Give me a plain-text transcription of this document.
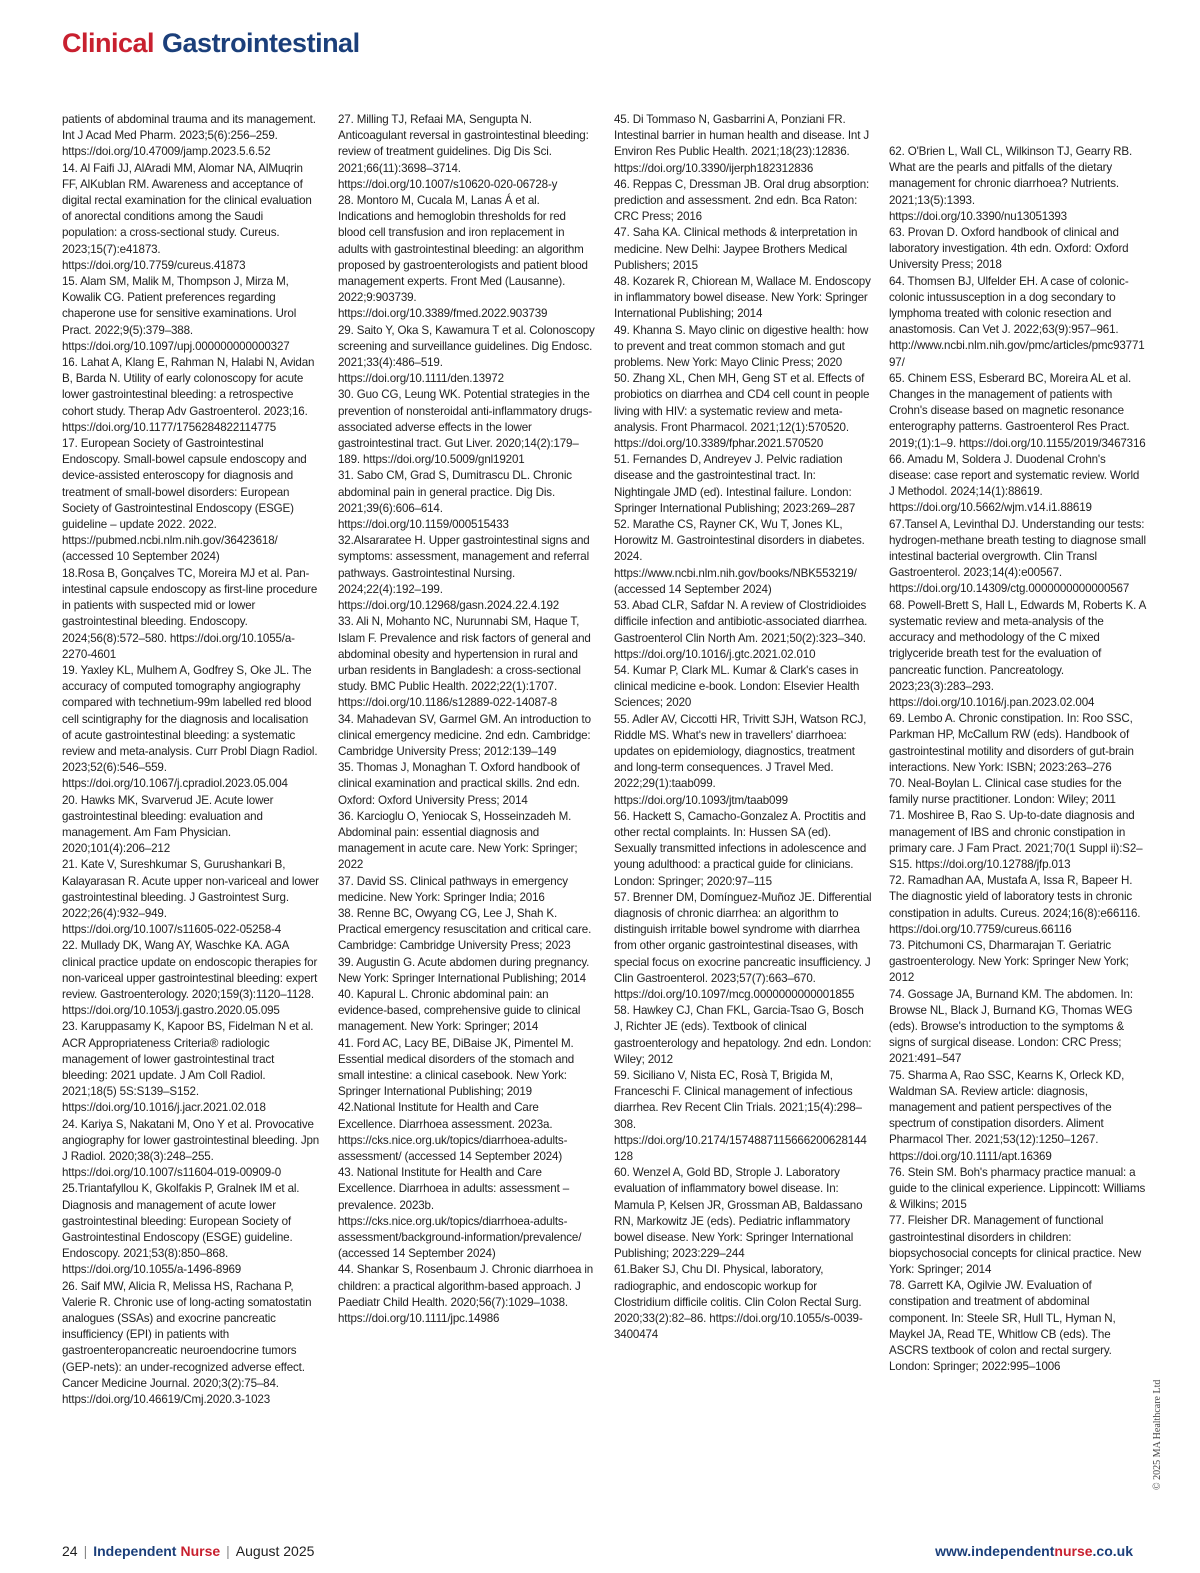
Clinical Gastrointestinal

patients of abdominal trauma and its management. Int J Acad Med Pharm. 2023;5(6):256–259. https://doi.org/10.47009/jamp.2023.5.6.52

14. Al Faifi JJ, AlAradi MM, Alomar NA, AlMuqrin FF, AlKublan RM. Awareness and acceptance of digital rectal examination for the clinical evaluation of anorectal conditions among the Saudi population: a cross-sectional study. Cureus. 2023;15(7):e41873. https://doi.org/10.7759/cureus.41873

15. Alam SM, Malik M, Thompson J, Mirza M, Kowalik CG. Patient preferences regarding chaperone use for sensitive examinations. Urol Pract. 2022;9(5):379–388. https://doi.org/10.1097/upj.000000000000327

16. Lahat A, Klang E, Rahman N, Halabi N, Avidan B, Barda N. Utility of early colonoscopy for acute lower gastrointestinal bleeding: a retrospective cohort study. Therap Adv Gastroenterol. 2023;16. https://doi.org/10.1177/1756284822114775

17. European Society of Gastrointestinal Endoscopy. Small-bowel capsule endoscopy and device-assisted enteroscopy for diagnosis and treatment of small-bowel disorders: European Society of Gastrointestinal Endoscopy (ESGE) guideline – update 2022. 2022. https://pubmed.ncbi.nlm.nih.gov/36423618/ (accessed 10 September 2024)

18.Rosa B, Gonçalves TC, Moreira MJ et al. Pan-intestinal capsule endoscopy as first-line procedure in patients with suspected mid or lower gastrointestinal bleeding. Endoscopy. 2024;56(8):572–580. https://doi.org/10.1055/a-2270-4601

19. Yaxley KL, Mulhem A, Godfrey S, Oke JL. The accuracy of computed tomography angiography compared with technetium-99m labelled red blood cell scintigraphy for the diagnosis and localisation of acute gastrointestinal bleeding: a systematic review and meta-analysis. Curr Probl Diagn Radiol. 2023;52(6):546–559. https://doi.org/10.1067/j.cpradiol.2023.05.004

20. Hawks MK, Svarverud JE. Acute lower gastrointestinal bleeding: evaluation and management. Am Fam Physician. 2020;101(4):206–212

21. Kate V, Sureshkumar S, Gurushankari B, Kalayarasan R. Acute upper non-variceal and lower gastrointestinal bleeding. J Gastrointest Surg. 2022;26(4):932–949. https://doi.org/10.1007/s11605-022-05258-4

22. Mullady DK, Wang AY, Waschke KA. AGA clinical practice update on endoscopic therapies for non-variceal upper gastrointestinal bleeding: expert review. Gastroenterology. 2020;159(3):1120–1128. https://doi.org/10.1053/j.gastro.2020.05.095

23. Karuppasamy K, Kapoor BS, Fidelman N et al. ACR Appropriateness Criteria® radiologic management of lower gastrointestinal tract bleeding: 2021 update. J Am Coll Radiol. 2021;18(5) 5S:S139–S152. https://doi.org/10.1016/j.jacr.2021.02.018

24. Kariya S, Nakatani M, Ono Y et al. Provocative angiography for lower gastrointestinal bleeding. Jpn J Radiol. 2020;38(3):248–255. https://doi.org/10.1007/s11604-019-00909-0

25.Triantafyllou K, Gkolfakis P, Gralnek IM et al. Diagnosis and management of acute lower gastrointestinal bleeding: European Society of Gastrointestinal Endoscopy (ESGE) guideline. Endoscopy. 2021;53(8):850–868. https://doi.org/10.1055/a-1496-8969

26. Saif MW, Alicia R, Melissa HS, Rachana P, Valerie R. Chronic use of long-acting somatostatin analogues (SSAs) and exocrine pancreatic insufficiency (EPI) in patients with gastroenteropancreatic neuroendocrine tumors (GEP-nets): an under-recognized adverse effect. Cancer Medicine Journal. 2020;3(2):75–84. https://doi.org/10.46619/Cmj.2020.3-1023

27. Milling TJ, Refaai MA, Sengupta N. Anticoagulant reversal in gastrointestinal bleeding: review of treatment guidelines. Dig Dis Sci. 2021;66(11):3698–3714. https://doi.org/10.1007/s10620-020-06728-y

28. Montoro M, Cucala M, Lanas Á et al. Indications and hemoglobin thresholds for red blood cell transfusion and iron replacement in adults with gastrointestinal bleeding: an algorithm proposed by gastroenterologists and patient blood management experts. Front Med (Lausanne). 2022;9:903739. https://doi.org/10.3389/fmed.2022.903739

29. Saito Y, Oka S, Kawamura T et al. Colonoscopy screening and surveillance guidelines. Dig Endosc. 2021;33(4):486–519. https://doi.org/10.1111/den.13972

30. Guo CG, Leung WK. Potential strategies in the prevention of nonsteroidal anti-inflammatory drugs-associated adverse effects in the lower gastrointestinal tract. Gut Liver. 2020;14(2):179–189. https://doi.org/10.5009/gnl19201

31. Sabo CM, Grad S, Dumitrascu DL. Chronic abdominal pain in general practice. Dig Dis. 2021;39(6):606–614. https://doi.org/10.1159/000515433

32.Alsararatee H. Upper gastrointestinal signs and symptoms: assessment, management and referral pathways. Gastrointestinal Nursing. 2024;22(4):192–199. https://doi.org/10.12968/gasn.2024.22.4.192

33. Ali N, Mohanto NC, Nurunnabi SM, Haque T, Islam F. Prevalence and risk factors of general and abdominal obesity and hypertension in rural and urban residents in Bangladesh: a cross-sectional study. BMC Public Health. 2022;22(1):1707. https://doi.org/10.1186/s12889-022-14087-8

34. Mahadevan SV, Garmel GM. An introduction to clinical emergency medicine. 2nd edn. Cambridge: Cambridge University Press; 2012:139–149

35. Thomas J, Monaghan T. Oxford handbook of clinical examination and practical skills. 2nd edn. Oxford: Oxford University Press; 2014

36. Karcioglu O, Yeniocak S, Hosseinzadeh M. Abdominal pain: essential diagnosis and management in acute care. New York: Springer; 2022

37. David SS. Clinical pathways in emergency medicine. New York: Springer India; 2016

38. Renne BC, Owyang CG, Lee J, Shah K. Practical emergency resuscitation and critical care. Cambridge: Cambridge University Press; 2023

39. Augustin G. Acute abdomen during pregnancy. New York: Springer International Publishing; 2014

40. Kapural L. Chronic abdominal pain: an evidence-based, comprehensive guide to clinical management. New York: Springer; 2014

41. Ford AC, Lacy BE, DiBaise JK, Pimentel M. Essential medical disorders of the stomach and small intestine: a clinical casebook. New York: Springer International Publishing; 2019

42.National Institute for Health and Care Excellence. Diarrhoea assessment. 2023a. https://cks.nice.org.uk/topics/diarrhoea-adults-assessment/ (accessed 14 September 2024)

43. National Institute for Health and Care Excellence. Diarrhoea in adults: assessment – prevalence. 2023b. https://cks.nice.org.uk/topics/diarrhoea-adults-assessment/background-information/prevalence/ (accessed 14 September 2024)

44. Shankar S, Rosenbaum J. Chronic diarrhoea in children: a practical algorithm-based approach. J Paediatr Child Health. 2020;56(7):1029–1038. https://doi.org/10.1111/jpc.14986

45. Di Tommaso N, Gasbarrini A, Ponziani FR. Intestinal barrier in human health and disease. Int J Environ Res Public Health. 2021;18(23):12836. https://doi.org/10.3390/ijerph182312836

46. Reppas C, Dressman JB. Oral drug absorption: prediction and assessment. 2nd edn. Bca Raton: CRC Press; 2016

47. Saha KA. Clinical methods & interpretation in medicine. New Delhi: Jaypee Brothers Medical Publishers; 2015

48. Kozarek R, Chiorean M, Wallace M. Endoscopy in inflammatory bowel disease. New York: Springer International Publishing; 2014

49. Khanna S. Mayo clinic on digestive health: how to prevent and treat common stomach and gut problems. New York: Mayo Clinic Press; 2020

50. Zhang XL, Chen MH, Geng ST et al. Effects of probiotics on diarrhea and CD4 cell count in people living with HIV: a systematic review and meta-analysis. Front Pharmacol. 2021;12(1):570520. https://doi.org/10.3389/fphar.2021.570520

51. Fernandes D, Andreyev J. Pelvic radiation disease and the gastrointestinal tract. In: Nightingale JMD (ed). Intestinal failure. London: Springer International Publishing; 2023:269–287

52. Marathe CS, Rayner CK, Wu T, Jones KL, Horowitz M. Gastrointestinal disorders in diabetes. 2024. https://www.ncbi.nlm.nih.gov/books/NBK553219/ (accessed 14 September 2024)

53. Abad CLR, Safdar N. A review of Clostridioides difficile infection and antibiotic-associated diarrhea. Gastroenterol Clin North Am. 2021;50(2):323–340. https://doi.org/10.1016/j.gtc.2021.02.010

54. Kumar P, Clark ML. Kumar & Clark's cases in clinical medicine e-book. London: Elsevier Health Sciences; 2020

55. Adler AV, Ciccotti HR, Trivitt SJH, Watson RCJ, Riddle MS. What's new in travellers' diarrhoea: updates on epidemiology, diagnostics, treatment and long-term consequences. J Travel Med. 2022;29(1):taab099. https://doi.org/10.1093/jtm/taab099

56. Hackett S, Camacho-Gonzalez A. Proctitis and other rectal complaints. In: Hussen SA (ed). Sexually transmitted infections in adolescence and young adulthood: a practical guide for clinicians. London: Springer; 2020:97–115

57. Brenner DM, Domínguez-Muñoz JE. Differential diagnosis of chronic diarrhea: an algorithm to distinguish irritable bowel syndrome with diarrhea from other organic gastrointestinal diseases, with special focus on exocrine pancreatic insufficiency. J Clin Gastroenterol. 2023;57(7):663–670. https://doi.org/10.1097/mcg.0000000000001855

58. Hawkey CJ, Chan FKL, Garcia-Tsao G, Bosch J, Richter JE (eds). Textbook of clinical gastroenterology and hepatology. 2nd edn. London: Wiley; 2012

59. Siciliano V, Nista EC, Rosà T, Brigida M, Franceschi F. Clinical management of infectious diarrhea. Rev Recent Clin Trials. 2021;15(4):298–308. https://doi.org/10.2174/1574887115666200628144128

60. Wenzel A, Gold BD, Strople J. Laboratory evaluation of inflammatory bowel disease. In: Mamula P, Kelsen JR, Grossman AB, Baldassano RN, Markowitz JE (eds). Pediatric inflammatory bowel disease. New York: Springer International Publishing; 2023:229–244

61.Baker SJ, Chu DI. Physical, laboratory, radiographic, and endoscopic workup for Clostridium difficile colitis. Clin Colon Rectal Surg. 2020;33(2):82–86. https://doi.org/10.1055/s-0039-3400474

62. O'Brien L, Wall CL, Wilkinson TJ, Gearry RB. What are the pearls and pitfalls of the dietary management for chronic diarrhoea? Nutrients. 2021;13(5):1393. https://doi.org/10.3390/nu13051393

63. Provan D. Oxford handbook of clinical and laboratory investigation. 4th edn. Oxford: Oxford University Press; 2018

64. Thomsen BJ, Ulfelder EH. A case of colonic-colonic intussusception in a dog secondary to lymphoma treated with colonic resection and anastomosis. Can Vet J. 2022;63(9):957–961. http://www.ncbi.nlm.nih.gov/pmc/articles/pmc9377197/

65. Chinem ESS, Esberard BC, Moreira AL et al. Changes in the management of patients with Crohn's disease based on magnetic resonance enterography patterns. Gastroenterol Res Pract. 2019;(1):1–9. https://doi.org/10.1155/2019/3467316

66. Amadu M, Soldera J. Duodenal Crohn's disease: case report and systematic review. World J Methodol. 2024;14(1):88619. https://doi.org/10.5662/wjm.v14.i1.88619

67.Tansel A, Levinthal DJ. Understanding our tests: hydrogen-methane breath testing to diagnose small intestinal bacterial overgrowth. Clin Transl Gastroenterol. 2023;14(4):e00567. https://doi.org/10.14309/ctg.0000000000000567

68. Powell-Brett S, Hall L, Edwards M, Roberts K. A systematic review and meta-analysis of the accuracy and methodology of the C mixed triglyceride breath test for the evaluation of pancreatic function. Pancreatology. 2023;23(3):283–293. https://doi.org/10.1016/j.pan.2023.02.004

69. Lembo A. Chronic constipation. In: Roo SSC, Parkman HP, McCallum RW (eds). Handbook of gastrointestinal motility and disorders of gut-brain interactions. New York: ISBN; 2023:263–276

70. Neal-Boylan L. Clinical case studies for the family nurse practitioner. London: Wiley; 2011

71. Moshiree B, Rao S. Up-to-date diagnosis and management of IBS and chronic constipation in primary care. J Fam Pract. 2021;70(1 Suppl ii):S2–S15. https://doi.org/10.12788/jfp.013

72. Ramadhan AA, Mustafa A, Issa R, Bapeer H. The diagnostic yield of laboratory tests in chronic constipation in adults. Cureus. 2024;16(8):e66116. https://doi.org/10.7759/cureus.66116

73. Pitchumoni CS, Dharmarajan T. Geriatric gastroenterology. New York: Springer New York; 2012

74. Gossage JA, Burnand KM. The abdomen. In: Browse NL, Black J, Burnand KG, Thomas WEG (eds). Browse's introduction to the symptoms & signs of surgical disease. London: CRC Press; 2021:491–547

75. Sharma A, Rao SSC, Kearns K, Orleck KD, Waldman SA. Review article: diagnosis, management and patient perspectives of the spectrum of constipation disorders. Aliment Pharmacol Ther. 2021;53(12):1250–1267. https://doi.org/10.1111/apt.16369

76. Stein SM. Boh's pharmacy practice manual: a guide to the clinical experience. Lippincott: Williams & Wilkins; 2015

77. Fleisher DR. Management of functional gastrointestinal disorders in children: biopsychosocial concepts for clinical practice. New York: Springer; 2014

78. Garrett KA, Ogilvie JW. Evaluation of constipation and treatment of abdominal component. In: Steele SR, Hull TL, Hyman N, Maykel JA, Read TE, Whitlow CB (eds). The ASCRS textbook of colon and rectal surgery. London: Springer; 2022:995–1006

© 2025 MA Healthcare Ltd
24 | Independent Nurse | August 2025	www.independentnurse.co.uk
